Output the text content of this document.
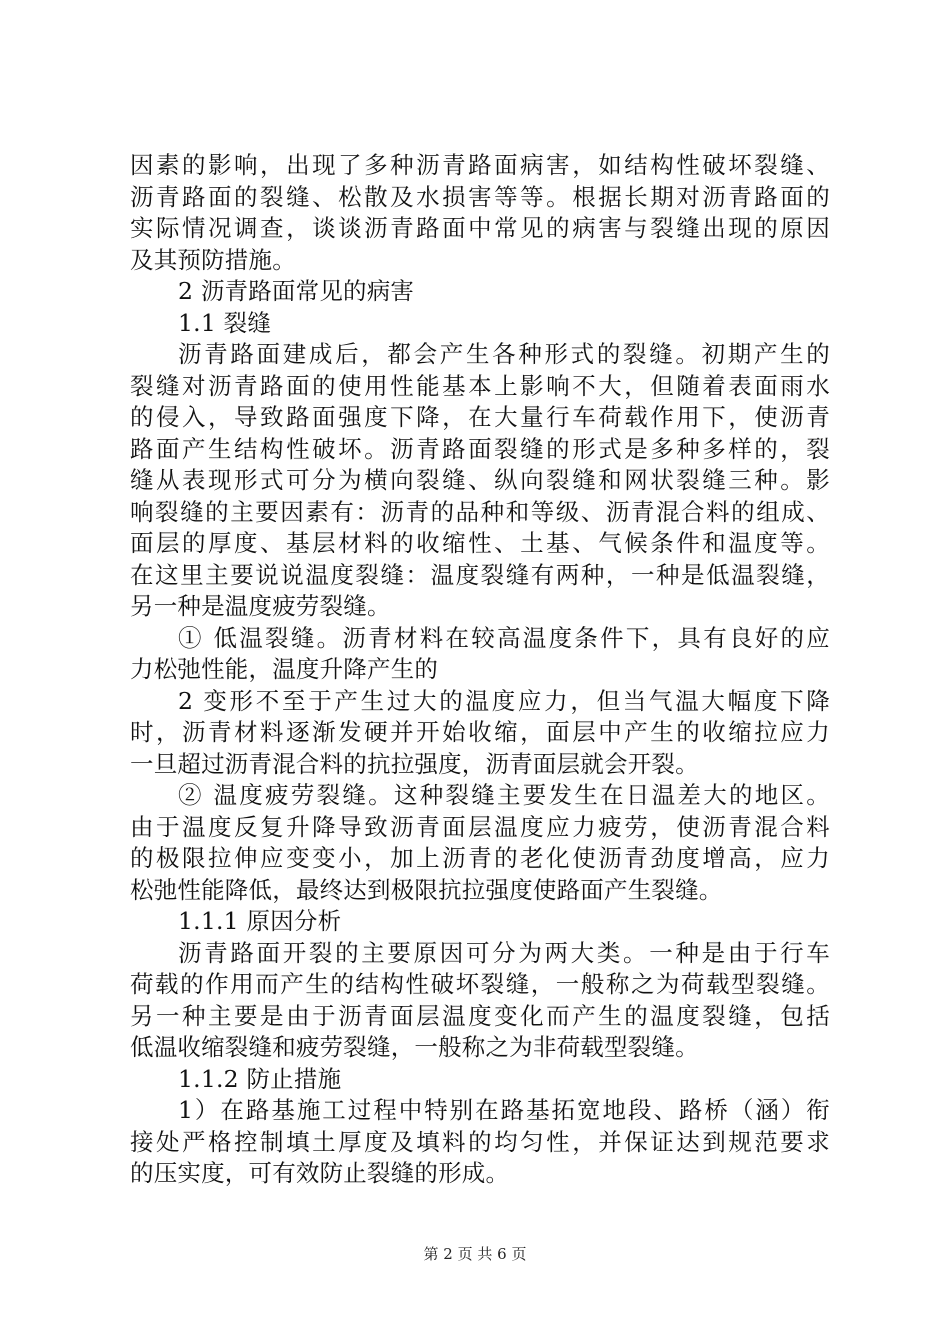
因素的影响，出现了多种沥青路面病害，如结构性破坏裂缝、
沥青路面的裂缝、松散及水损害等等。根据长期对沥青路面的
实际情况调查，谈谈沥青路面中常见的病害与裂缝出现的原因
及其预防措施。
2 沥青路面常见的病害
1.1 裂缝
沥青路面建成后，都会产生各种形式的裂缝。初期产生的
裂缝对沥青路面的使用性能基本上影响不大，但随着表面雨水
的侵入，导致路面强度下降，在大量行车荷载作用下，使沥青
路面产生结构性破坏。沥青路面裂缝的形式是多种多样的，裂
缝从表现形式可分为横向裂缝、纵向裂缝和网状裂缝三种。影
响裂缝的主要因素有：沥青的品种和等级、沥青混合料的组成、
面层的厚度、基层材料的收缩性、土基、气候条件和温度等。
在这里主要说说温度裂缝：温度裂缝有两种，一种是低温裂缝，
另一种是温度疲劳裂缝。
① 低温裂缝。沥青材料在较高温度条件下，具有良好的应
力松弛性能，温度升降产生的
2 变形不至于产生过大的温度应力，但当气温大幅度下降
时，沥青材料逐渐发硬并开始收缩，面层中产生的收缩拉应力
一旦超过沥青混合料的抗拉强度，沥青面层就会开裂。
② 温度疲劳裂缝。这种裂缝主要发生在日温差大的地区。
由于温度反复升降导致沥青面层温度应力疲劳，使沥青混合料
的极限拉伸应变变小，加上沥青的老化使沥青劲度增高，应力
松弛性能降低，最终达到极限抗拉强度使路面产生裂缝。
1.1.1 原因分析
沥青路面开裂的主要原因可分为两大类。一种是由于行车
荷载的作用而产生的结构性破坏裂缝，一般称之为荷载型裂缝。
另一种主要是由于沥青面层温度变化而产生的温度裂缝，包括
低温收缩裂缝和疲劳裂缝，一般称之为非荷载型裂缝。
1.1.2 防止措施
1）在路基施工过程中特别在路基拓宽地段、路桥（涵）衔
接处严格控制填土厚度及填料的均匀性，并保证达到规范要求
的压实度，可有效防止裂缝的形成。
第 2 页 共 6 页
